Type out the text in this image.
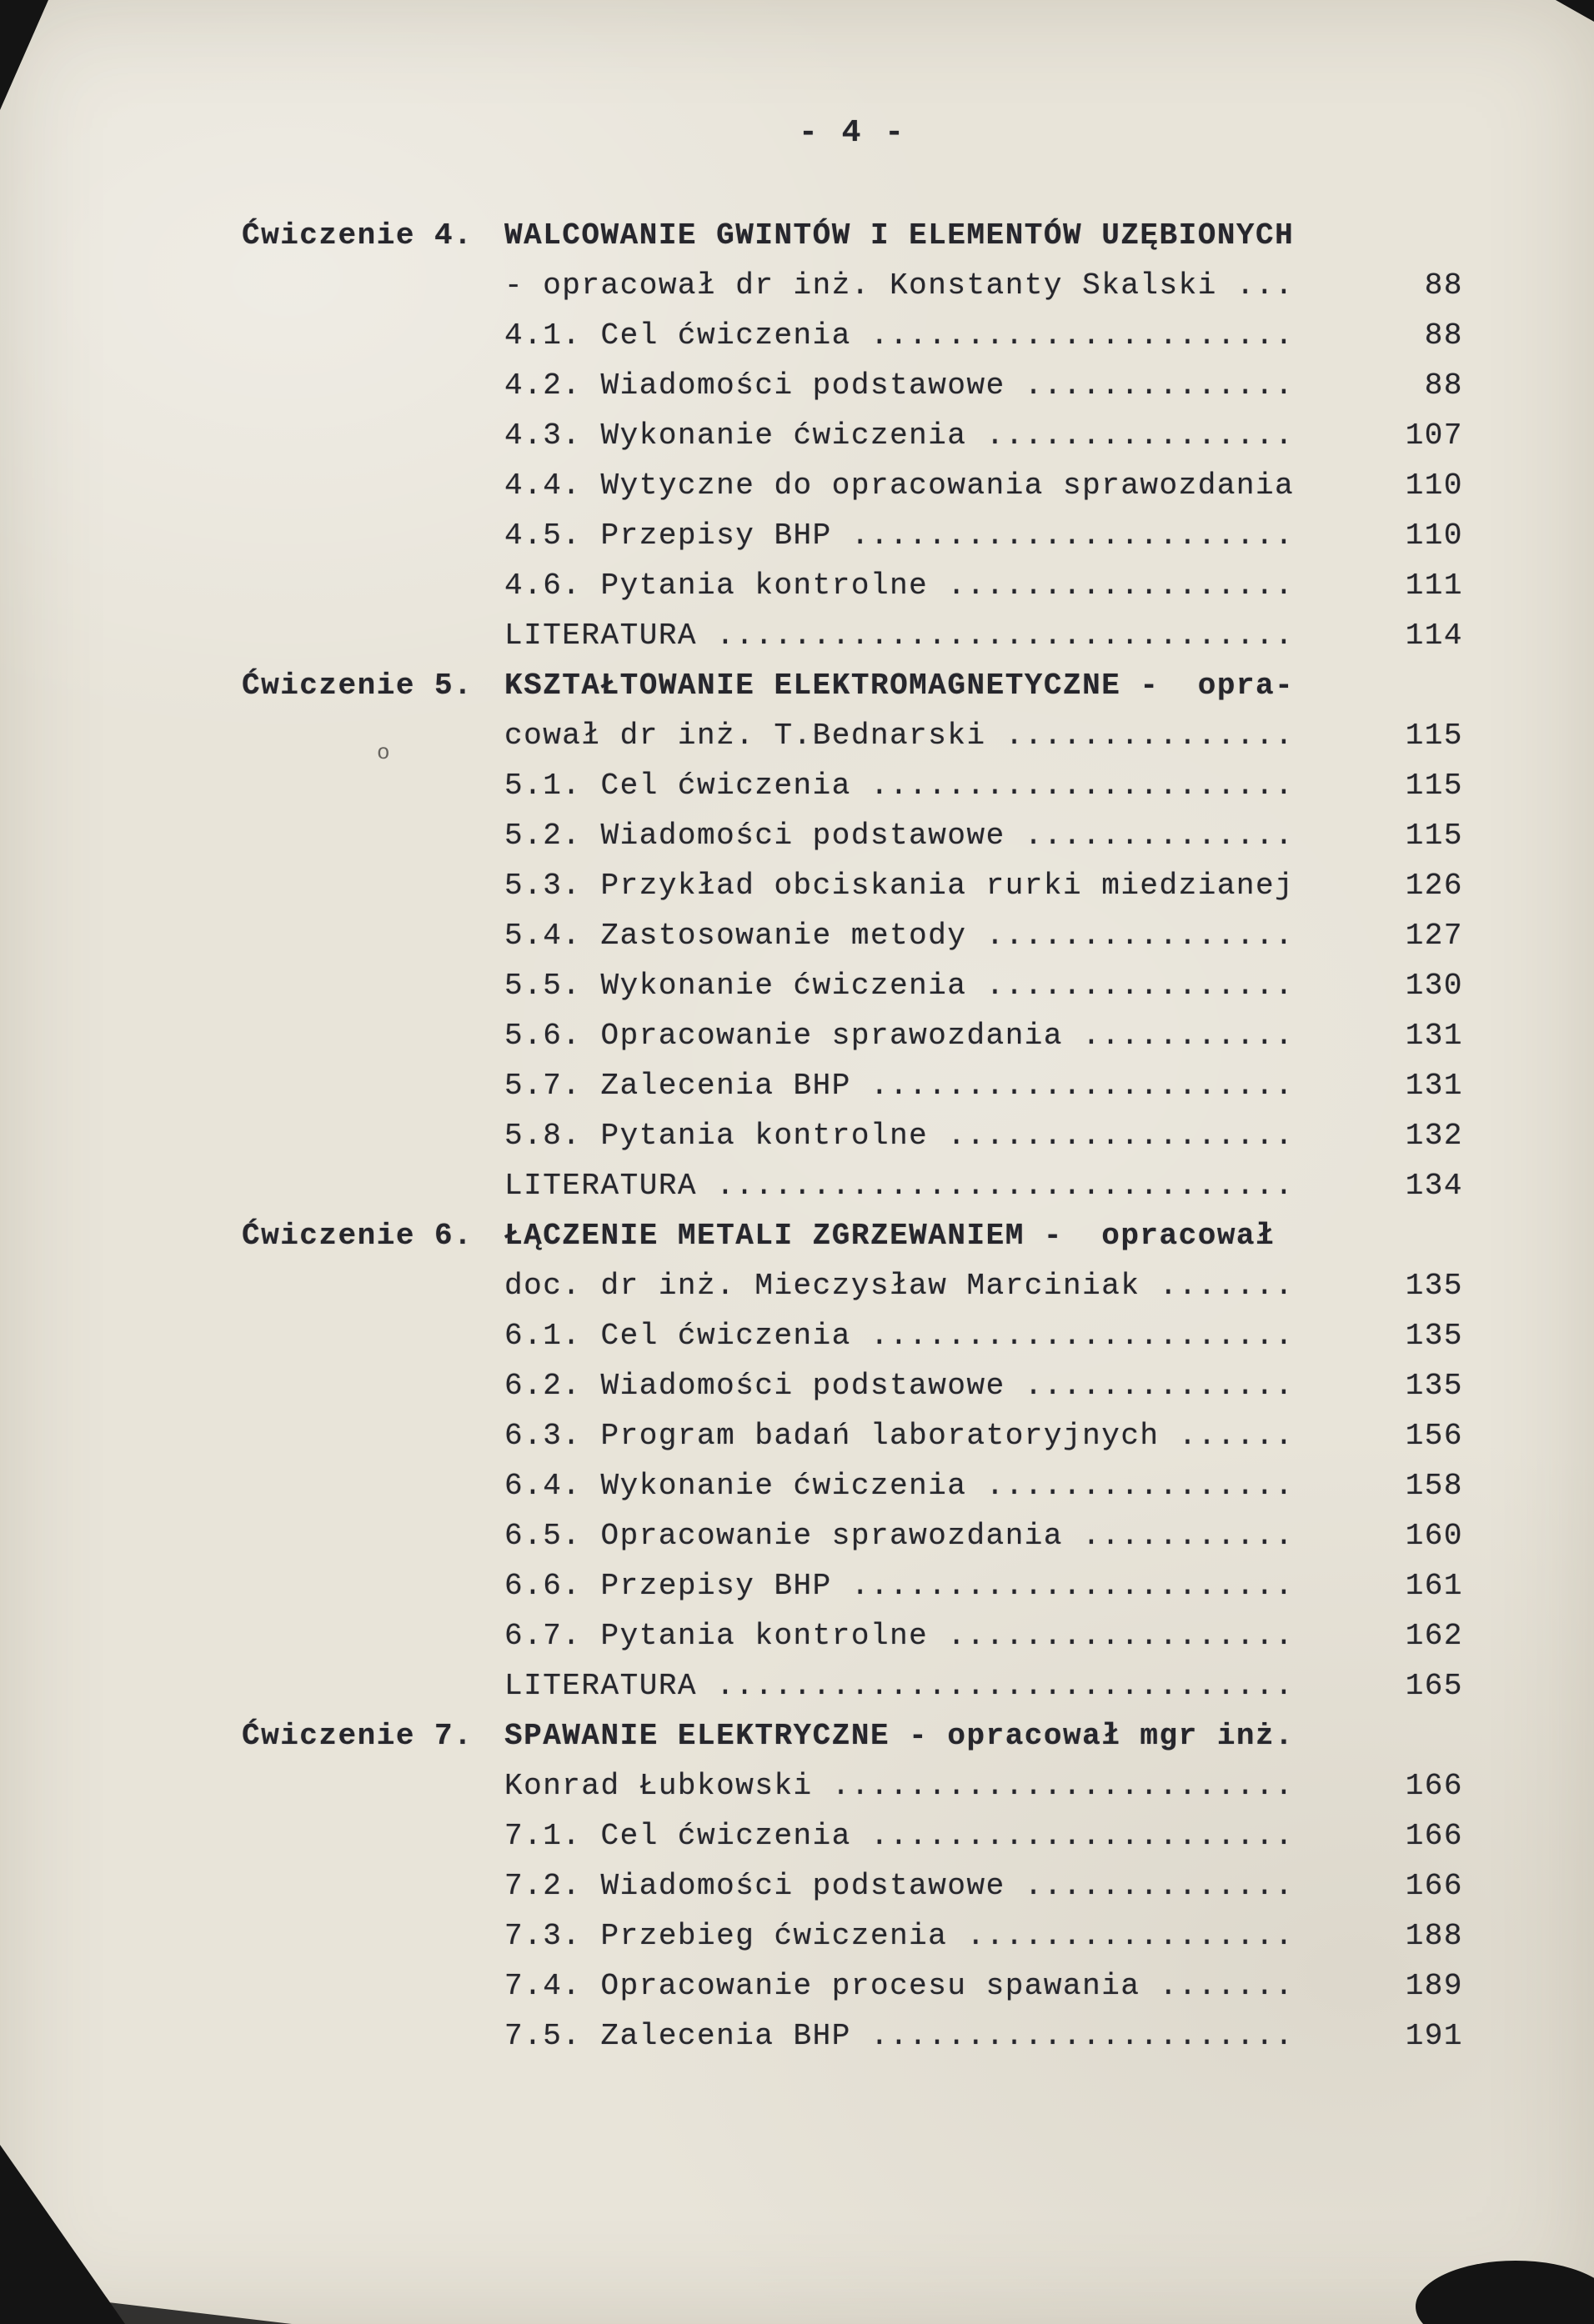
o
- 4 -
Ćwiczenie 4.	WALCOWANIE GWINTÓW I ELEMENTÓW UZĘBIONYCH
- opracował dr inż. Konstanty Skalski ...	88
4.1. Cel ćwiczenia ......................	88
4.2. Wiadomości podstawowe ..............	88
4.3. Wykonanie ćwiczenia ................	107
4.4. Wytyczne do opracowania sprawozdania	110
4.5. Przepisy BHP .......................	110
4.6. Pytania kontrolne ..................	111
LITERATURA ..............................	114
Ćwiczenie 5.	KSZTAŁTOWANIE ELEKTROMAGNETYCZNE -  opra-
cował dr inż. T.Bednarski ...............	115
5.1. Cel ćwiczenia ......................	115
5.2. Wiadomości podstawowe ..............	115
5.3. Przykład obciskania rurki miedzianej	126
5.4. Zastosowanie metody ................	127
5.5. Wykonanie ćwiczenia ................	130
5.6. Opracowanie sprawozdania ...........	131
5.7. Zalecenia BHP ......................	131
5.8. Pytania kontrolne ..................	132
LITERATURA ..............................	134
Ćwiczenie 6.	ŁĄCZENIE METALI ZGRZEWANIEM -  opracował
doc. dr inż. Mieczysław Marciniak .......	135
6.1. Cel ćwiczenia ......................	135
6.2. Wiadomości podstawowe ..............	135
6.3. Program badań laboratoryjnych ......	156
6.4. Wykonanie ćwiczenia ................	158
6.5. Opracowanie sprawozdania ...........	160
6.6. Przepisy BHP .......................	161
6.7. Pytania kontrolne ..................	162
LITERATURA ..............................	165
Ćwiczenie 7.	SPAWANIE ELEKTRYCZNE - opracował mgr inż.
Konrad Łubkowski ........................	166
7.1. Cel ćwiczenia ......................	166
7.2. Wiadomości podstawowe ..............	166
7.3. Przebieg ćwiczenia .................	188
7.4. Opracowanie procesu spawania .......	189
7.5. Zalecenia BHP ......................	191
